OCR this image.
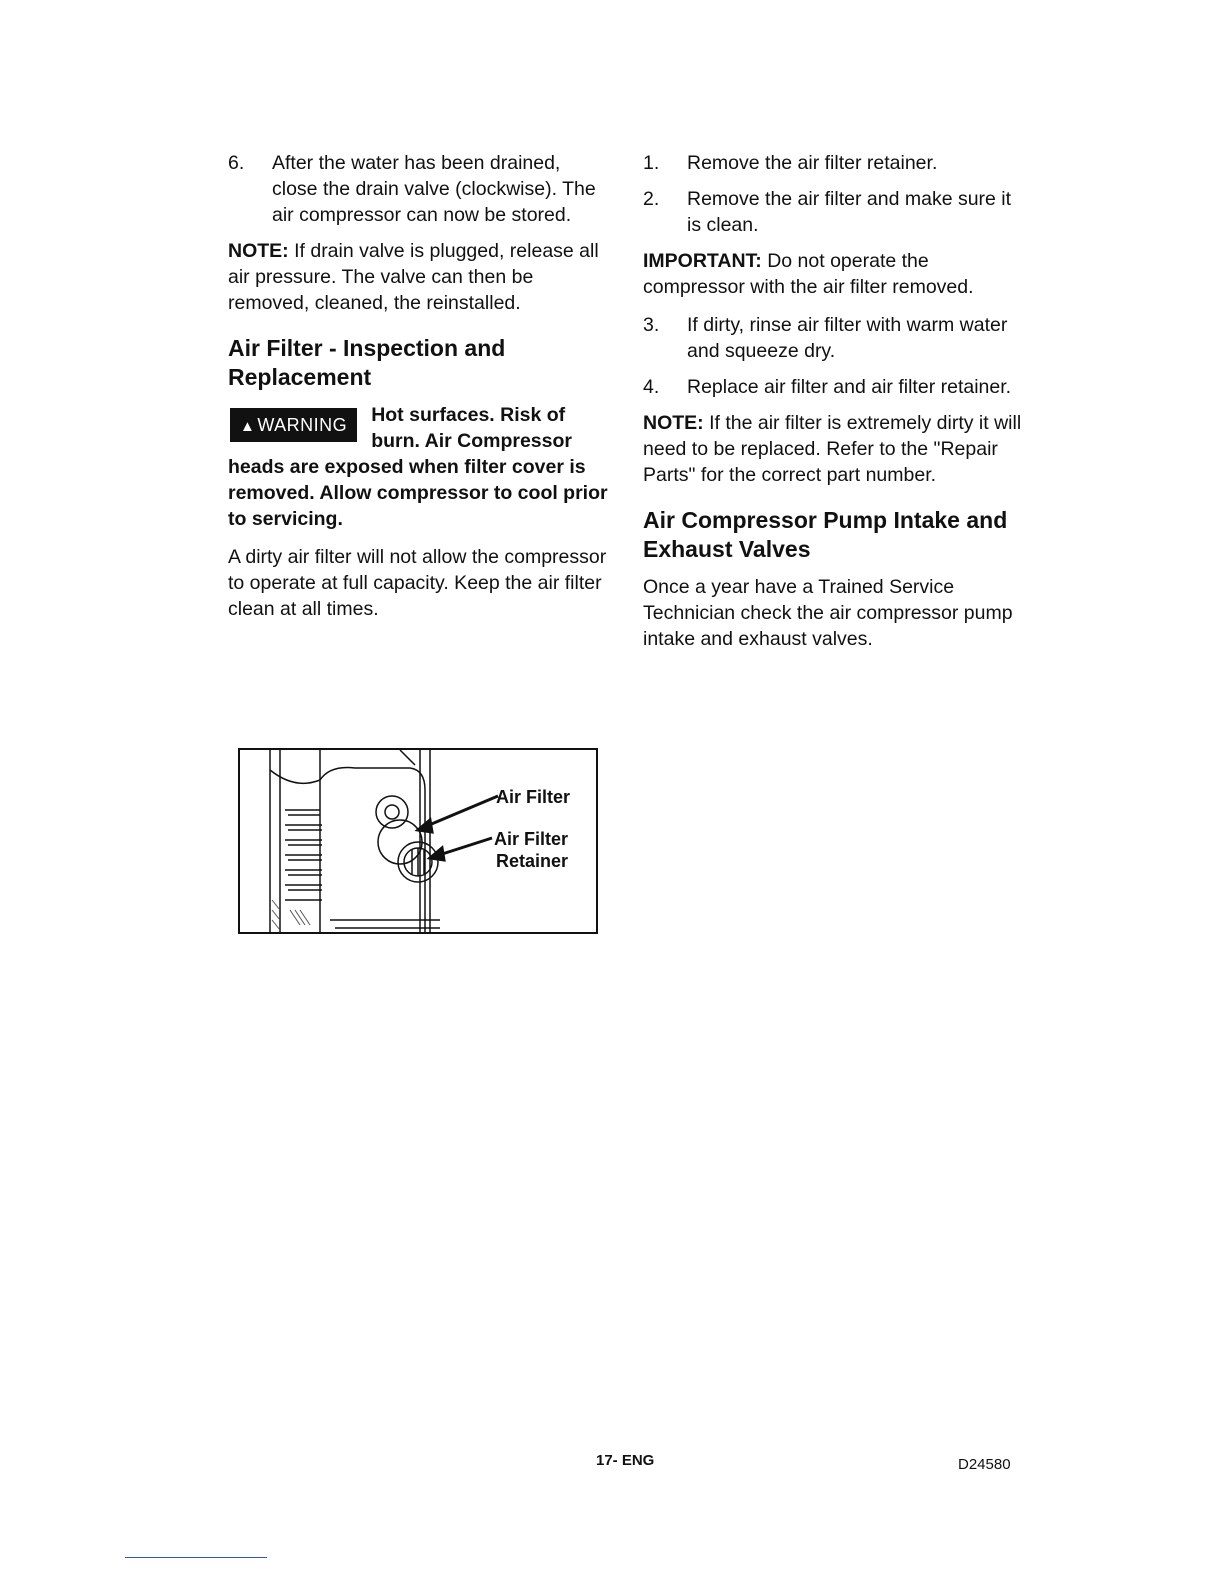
6.	After the water has been drained, close the drain valve (clockwise). The air compressor can now be stored.

NOTE: If drain valve is plugged, release all air pressure. The valve can then be removed, cleaned, the reinstalled.

Air Filter - Inspection and Replacement
▲ WARNING	Hot surfaces. Risk of burn. Air Compressor heads are exposed when filter cover is removed. Allow compressor to cool prior to servicing.

A dirty air filter will not allow the compressor to operate at full capacity. Keep the air filter clean at all times.

Air Filter
Air Filter
Retainer
1.	Remove the air filter retainer.
2.	Remove the air filter and make sure it is clean.

IMPORTANT: Do not operate the compressor with the air filter removed.

3.	If dirty, rinse air filter with warm water and squeeze dry.
4.	Replace air filter and air filter retainer.

NOTE: If the air filter is extremely dirty it will need to be replaced. Refer to the "Repair Parts" for the correct part number.

Air Compressor Pump Intake and Exhaust Valves

Once a year have a Trained Service Technician check the air compressor pump intake and exhaust valves.

17- ENG	D24580
